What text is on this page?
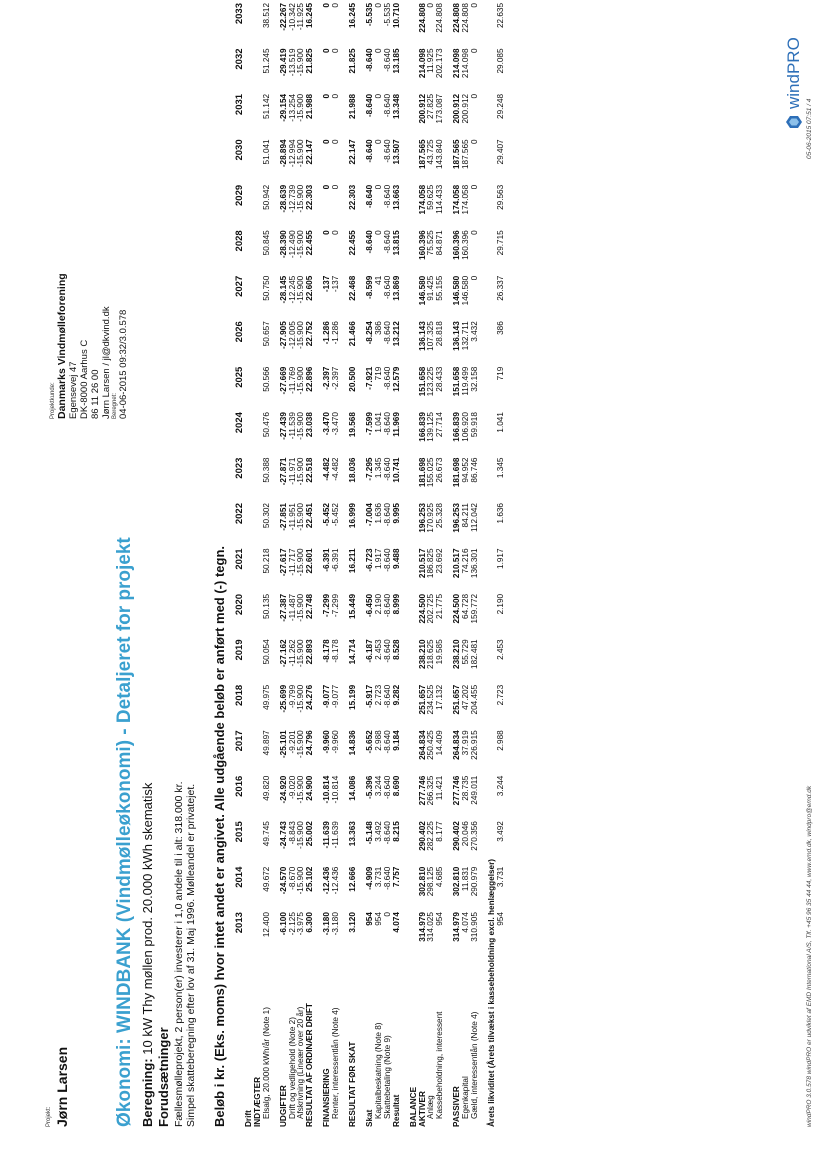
Projekt: Jørn Larsen
Projektkunde: Danmarks Vindmølleforening Egensevej 47 DK-8000 Aarhus C 86 11 26 00 Jørn Larsen / jl@dkvind.dk Beregnet: 04-06-2015 09:32/3.0.578
Økonomi: WINDBANK (Vindmølleøkonomi) - Detaljeret for projekt Beregning: 10 kW Thy møllen prod. 20.000 kWh skematisk
Forudsætninger Fællesmølleprojekt, 2 person(er) investerer i 1,0 andele til i alt: 318.000 kr. Simpel skatteberegning efter lov af 31. Maj 1996. Mølleandel er privatejet. Beløb i kr. (Eks. moms) hvor intet andet er angivet. Alle udgående beløb er anført med (-) tegn.
	2013	2014	2015	2016	2017	2018	2019	2020	2021	2022	2023	2024	2025	2026	2027	2028	2029	2030	2031	2032	2033
Drift																					
INDTÆGTER																					
Elsalg, 20.000 kWh/år (Note 1)	12.400	49.672	49.745	49.820	49.897	49.975	50.054	50.135	50.218	50.302	50.388	50.476	50.566	50.657	50.750	50.845	50.942	51.041	51.142	51.245	38.512

UDGIFTER	-6.100	-24.570	-24.743	-24.920	-25.101	-25.699	-27.162	-27.387	-27.617	-27.851	-27.871	-27.439	-27.669	-27.905	-28.145	-28.390	-28.639	-28.894	-29.154	-29.419	-22.267
Drift og vedligehold (Note 2)	-2.125	-8.670	-8.843	-9.020	-9.201	-9.799	-11.262	-11.487	-11.717	-11.951	-11.971	-11.539	-11.769	-12.005	-12.245	-12.490	-12.739	-12.994	-13.254	-13.519	-10.342
Afskrivning (Lineær over 20 år)	-3.975	-15.900	-15.900	-15.900	-15.900	-15.900	-15.900	-15.900	-15.900	-15.900	-15.900	-15.900	-15.900	-15.900	-15.900	-15.900	-15.900	-15.900	-15.900	-15.900	-11.925
RESULTAT AF ORDINÆR DRIFT	6.300	25.102	25.002	24.900	24.796	24.276	22.893	22.748	22.601	22.451	22.518	23.038	22.896	22.752	22.605	22.455	22.303	22.147	21.988	21.825	16.245

FINANSIERING	-3.180	-12.436	-11.639	-10.814	-9.960	-9.077	-8.178	-7.299	-6.391	-5.452	-4.482	-3.470	-2.397	-1.286	-137	0	0	0	0	0	0
Renter, interessentlån (Note 4)	-3.180	-12.436	-11.639	-10.814	-9.960	-9.077	-8.178	-7.299	-6.391	-5.452	-4.482	-3.470	-2.397	-1.286	-137	0	0	0	0	0	0

RESULTAT FØR SKAT	3.120	12.666	13.363	14.086	14.836	15.199	14.714	15.449	16.211	16.999	18.036	19.568	20.500	21.466	22.468	22.455	22.303	22.147	21.988	21.825	16.245

Skat	954	-4.909	-5.148	-5.396	-5.652	-5.917	-6.187	-6.450	-6.723	-7.004	-7.295	-7.599	-7.921	-8.254	-8.599	-8.640	-8.640	-8.640	-8.640	-8.640	-5.535
Kapitalbeskatning (Note 8)	954	3.731	3.492	3.244	2.988	2.723	2.453	2.190	1.917	1.636	1.345	1.041	719	386	41	0	0	0	0	0	0
Skattebetaling (Note 9)	0	-8.640	-8.640	-8.640	-8.640	-8.640	-8.640	-8.640	-8.640	-8.640	-8.640	-8.640	-8.640	-8.640	-8.640	-8.640	-8.640	-8.640	-8.640	-8.640	-5.535
Resultat	4.074	7.757	8.215	8.690	9.184	9.282	8.528	8.999	9.488	9.995	10.741	11.969	12.579	13.212	13.869	13.815	13.663	13.507	13.348	13.185	10.710

BALANCE																					
AKTIVER	314.979	302.810	290.402	277.746	264.834	251.657	238.210	224.500	210.517	196.253	181.698	166.839	151.658	136.143	146.580	160.396	174.058	187.565	200.912	214.098	224.808
Anlæg	314.025	298.125	282.225	266.325	250.425	234.525	218.625	202.725	186.825	170.925	155.025	139.125	123.225	107.325	91.425	75.525	59.625	43.725	27.825	11.925	0
Kassebeholdning, interessent	954	4.685	8.177	11.421	14.409	17.132	19.585	21.775	23.692	25.328	26.673	27.714	28.433	28.818	55.155	84.871	114.433	143.840	173.087	202.173	224.808

PASSIVER	314.979	302.810	290.402	277.746	264.834	251.657	238.210	224.500	210.517	196.253	181.698	166.839	151.658	136.143	146.580	160.396	174.058	187.565	200.912	214.098	224.808
Egenkapital	4.074	11.831	20.046	28.735	37.919	47.202	55.729	64.728	74.216	84.211	94.952	106.920	119.499	132.711	146.580	160.396	174.058	187.565	200.912	214.098	224.808
Gæld, interessentlån (Note 4)	310.905	290.979	270.356	249.011	226.915	204.455	182.481	159.772	136.301	112.042	86.746	59.918	32.158	3.432	0	0	0	0	0	0	0

Årets likviditet (Årets tilvækst i kassebeholdning excl. henlæggelser)																					
	954	3.731	3.492	3.244	2.988	2.723	2.453	2.190	1.917	1.636	1.345	1.041	719	386	26.337	29.715	29.563	29.407	29.248	29.085	22.635
windPRO 3.0.578 windPRO er udviklet af EMD International A/S, Tlf. +45 96 35 44 44, www.emd.dk, windpro@emd.dk
05-06-2015 07:51 / 4
windPRO
